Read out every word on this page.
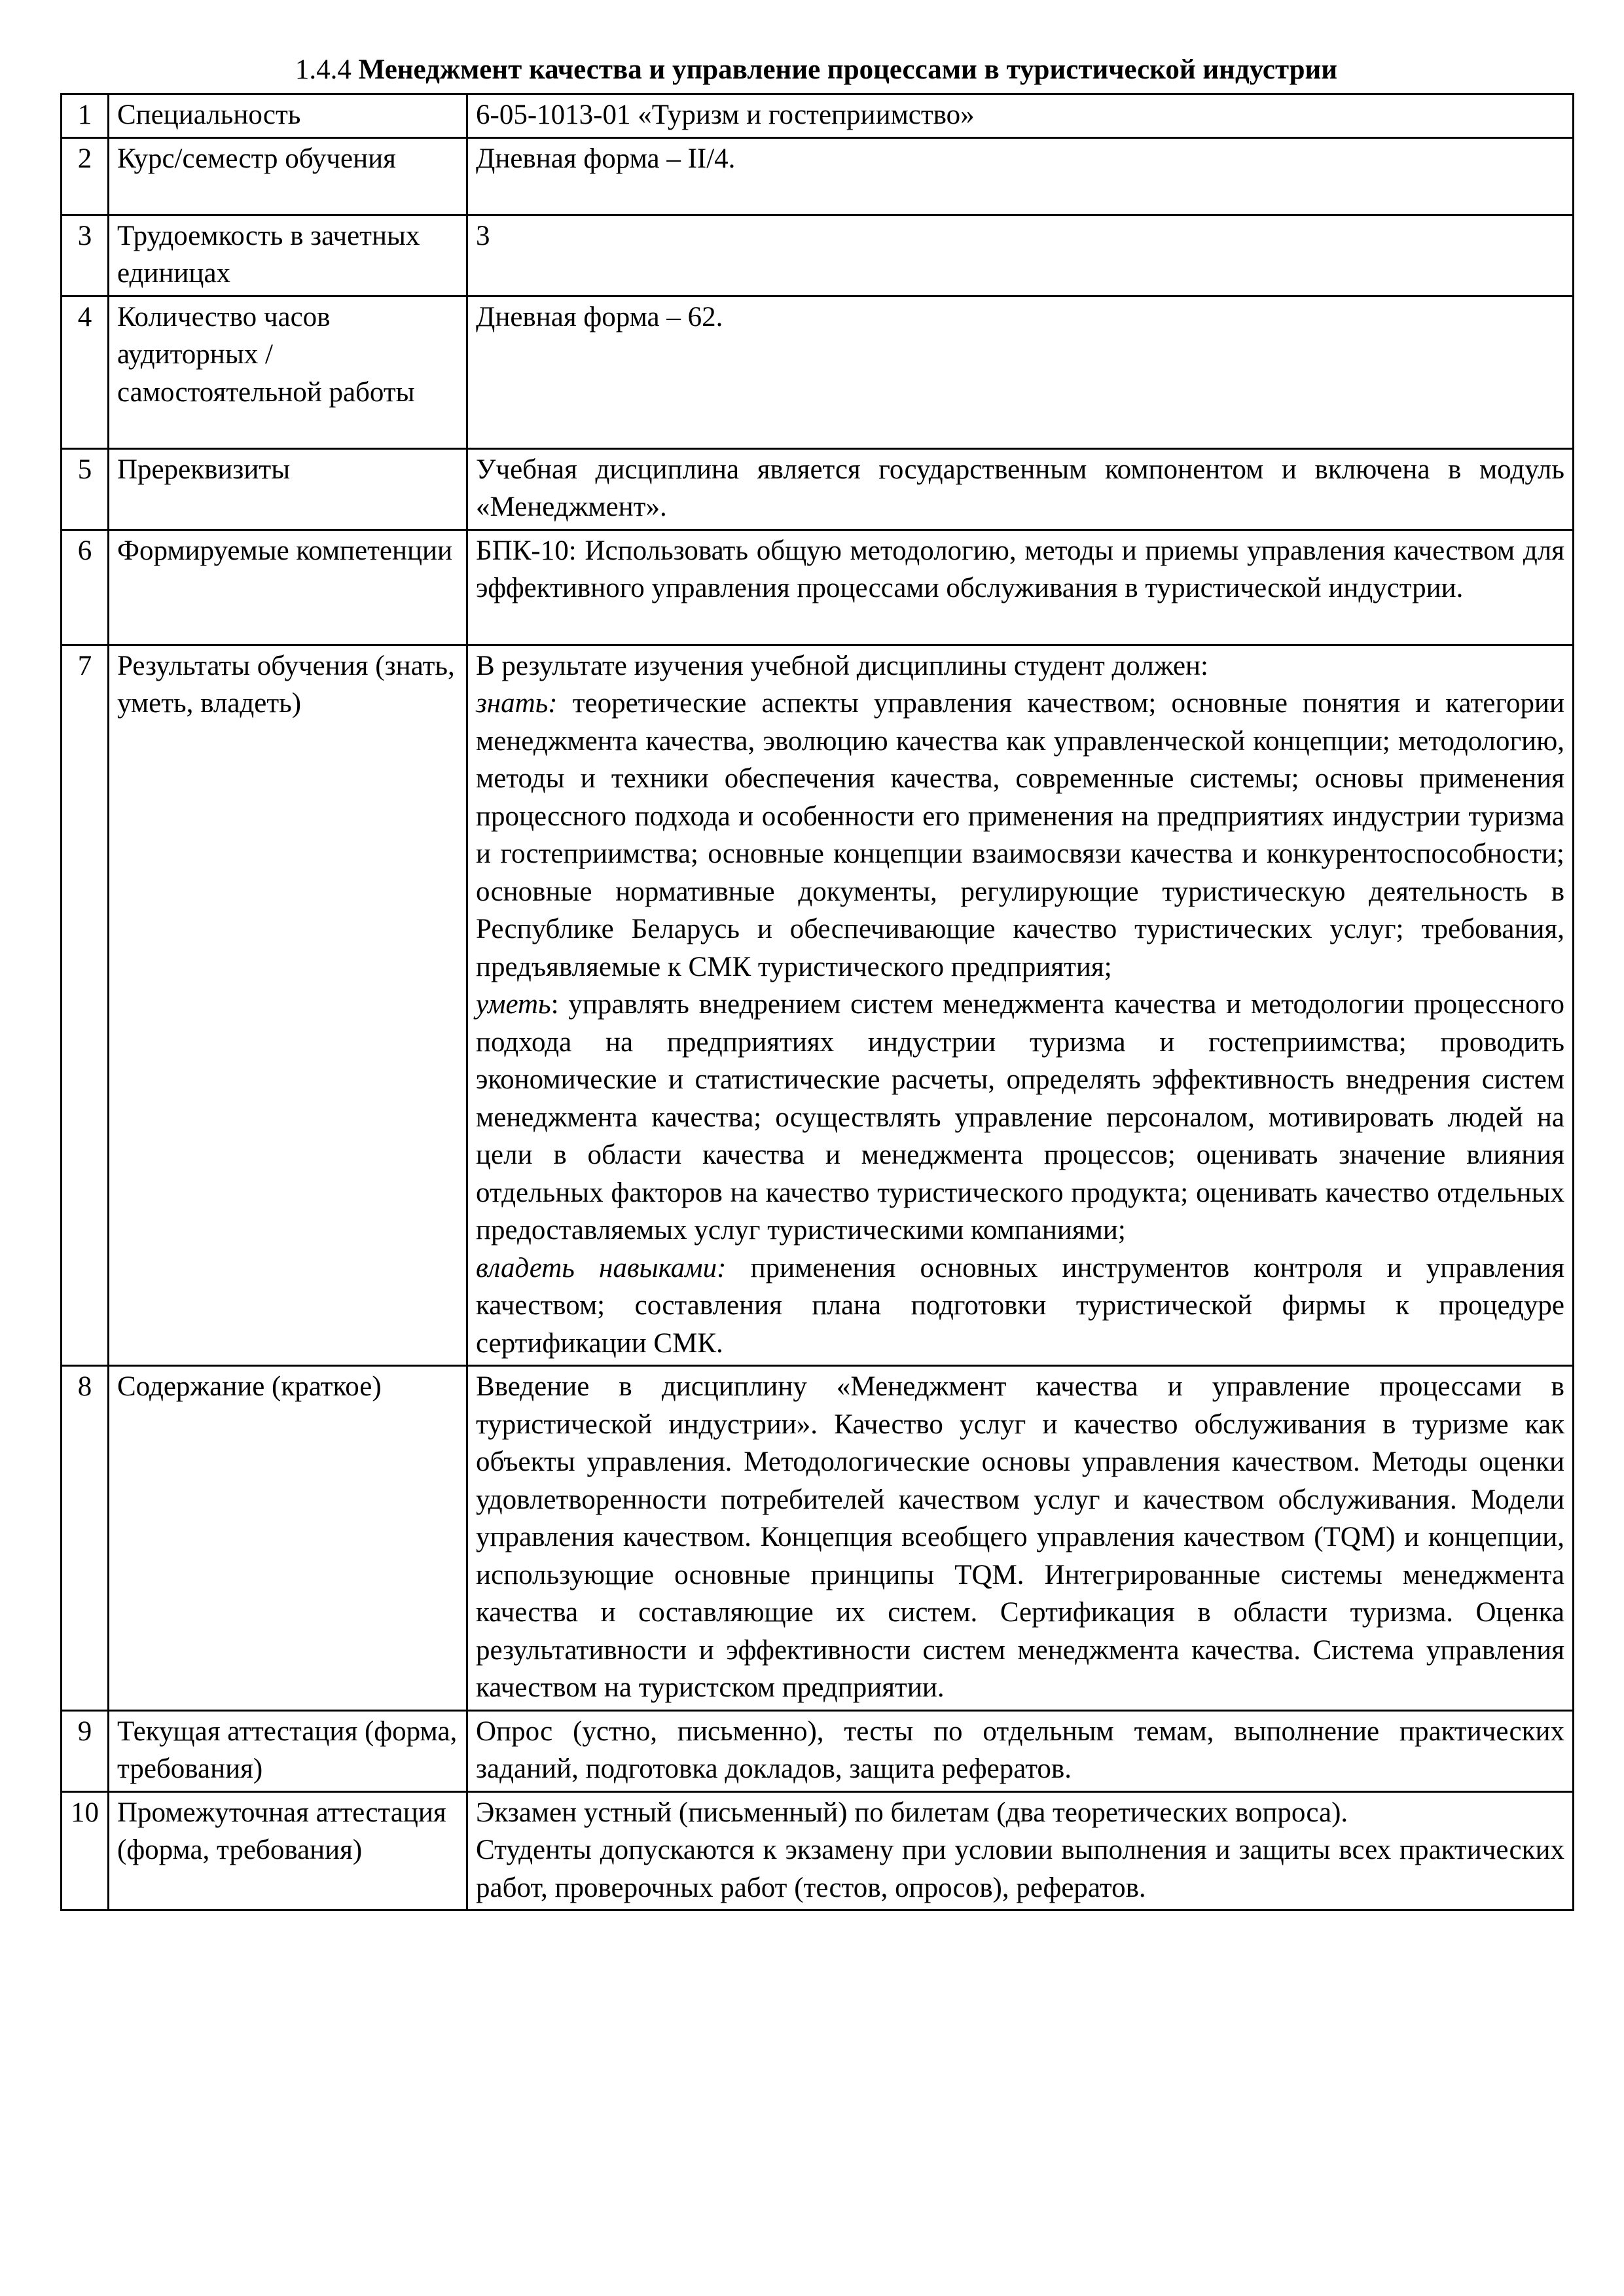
1.4.4 Менеджмент качества и управление процессами в туристической индустрии
1	Специальность	6-05-1013-01 «Туризм и гостеприимство»
2	Курс/семестр обучения	Дневная форма – II/4.
3	Трудоемкость в зачетных единицах	3
4	Количество часов аудиторных / самостоятельной работы	Дневная форма – 62.
5	Пререквизиты	Учебная дисциплина является государственным компонентом и включена в модуль «Менеджмент».
6	Формируемые компетенции	БПК-10: Использовать общую методологию, методы и приемы управления качеством для эффективного управления процессами обслуживания в туристической индустрии.
7	Результаты обучения (знать, уметь, владеть)	В результате изучения учебной дисциплины студент должен:
знать: теоретические аспекты управления качеством; основные понятия и категории менеджмента качества, эволюцию качества как управленческой концепции; методологию, методы и техники обеспечения качества, современные системы; основы применения процессного подхода и особенности его применения на предприятиях индустрии туризма и гостеприимства; основные концепции взаимосвязи качества и конкурентоспособности; основные нормативные документы, регулирующие туристическую деятельность в Республике Беларусь и обеспечивающие качество туристических услуг; требования, предъявляемые к СМК туристического предприятия;
уметь: управлять внедрением систем менеджмента качества и методологии процессного подхода на предприятиях индустрии туризма и гостеприимства; проводить экономические и статистические расчеты, определять эффективность внедрения систем менеджмента качества; осуществлять управление персоналом, мотивировать людей на цели в области качества и менеджмента процессов; оценивать значение влияния отдельных факторов на качество туристического продукта; оценивать качество отдельных предоставляемых услуг туристическими компаниями;
владеть навыками: применения основных инструментов контроля и управления качеством; составления плана подготовки туристической фирмы к процедуре сертификации СМК.

8	Содержание (краткое)	Введение в дисциплину «Менеджмент качества и управление процессами в туристической индустрии». Качество услуг и качество обслуживания в туризме как объекты управления. Методологические основы управления качеством. Методы оценки удовлетворенности потребителей качеством услуг и качеством обслуживания. Модели управления качеством. Концепция всеобщего управления качеством (TQM) и концепции, использующие основные принципы TQM. Интегрированные системы менеджмента качества и составляющие их систем. Сертификация в области туризма. Оценка результативности и эффективности систем менеджмента качества. Система управления качеством на туристском предприятии.
9	Текущая аттестация (форма, требования)	Опрос (устно, письменно), тесты по отдельным темам, выполнение практических заданий, подготовка докладов, защита рефератов.
10	Промежуточная аттестация (форма, требования)	Экзамен устный (письменный) по билетам (два теоретических вопроса).
Студенты допускаются к экзамену при условии выполнения и защиты всех практических работ, проверочных работ (тестов, опросов), рефератов.
